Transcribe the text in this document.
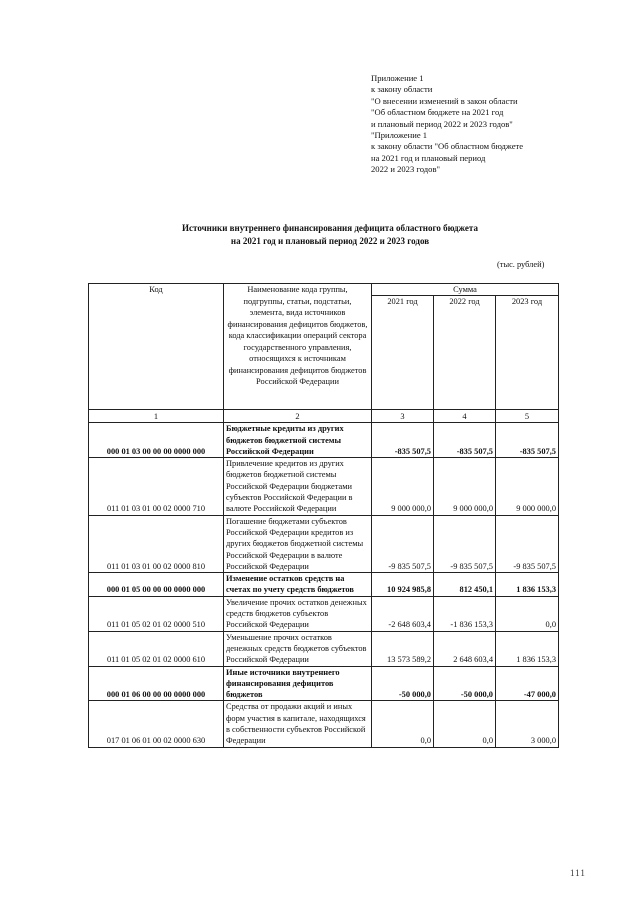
Приложение 1
к закону области
"О внесении изменений в закон области
"Об областном бюджете на 2021 год
и плановый период 2022 и 2023 годов"
"Приложение 1
к закону области "Об областном бюджете
на 2021 год и плановый период
2022 и 2023 годов"
Источники внутреннего финансирования дефицита областного бюджета
на 2021 год и плановый период 2022 и 2023 годов
(тыс. рублей)
Код	Наименование кода группы, подгруппы, статьи, подстатьи, элемента, вида источников финансирования дефицитов бюджетов, кода классификации операций сектора государственного управления, относящихся к источникам финансирования дефицитов бюджетов Российской Федерации	Сумма		
		2021 год	2022 год	2023 год
1	2	3	4	5
000 01 03 00 00 00 0000 000	Бюджетные кредиты из других бюджетов бюджетной системы Российской Федерации	-835 507,5	-835 507,5	-835 507,5
011 01 03 01 00 02 0000 710	Привлечение кредитов из других бюджетов бюджетной системы Российской Федерации бюджетами субъектов Российской Федерации в валюте Российской Федерации	9 000 000,0	9 000 000,0	9 000 000,0
011 01 03 01 00 02 0000 810	Погашение бюджетами субъектов Российской Федерации кредитов из других бюджетов бюджетной системы Российской Федерации в валюте Российской Федерации	-9 835 507,5	-9 835 507,5	-9 835 507,5
000 01 05 00 00 00 0000 000	Изменение остатков средств на счетах по учету средств бюджетов	10 924 985,8	812 450,1	1 836 153,3
011 01 05 02 01 02 0000 510	Увеличение прочих остатков денежных средств бюджетов субъектов Российской Федерации	-2 648 603,4	-1 836 153,3	0,0
011 01 05 02 01 02 0000 610	Уменьшение прочих остатков денежных средств бюджетов субъектов Российской Федерации	13 573 589,2	2 648 603,4	1 836 153,3
000 01 06 00 00 00 0000 000	Иные источники внутреннего финансирования дефицитов бюджетов	-50 000,0	-50 000,0	-47 000,0
017 01 06 01 00 02 0000 630	Средства от продажи акций и иных форм участия в капитале, находящихся в собственности субъектов Российской Федерации	0,0	0,0	3 000,0
111
